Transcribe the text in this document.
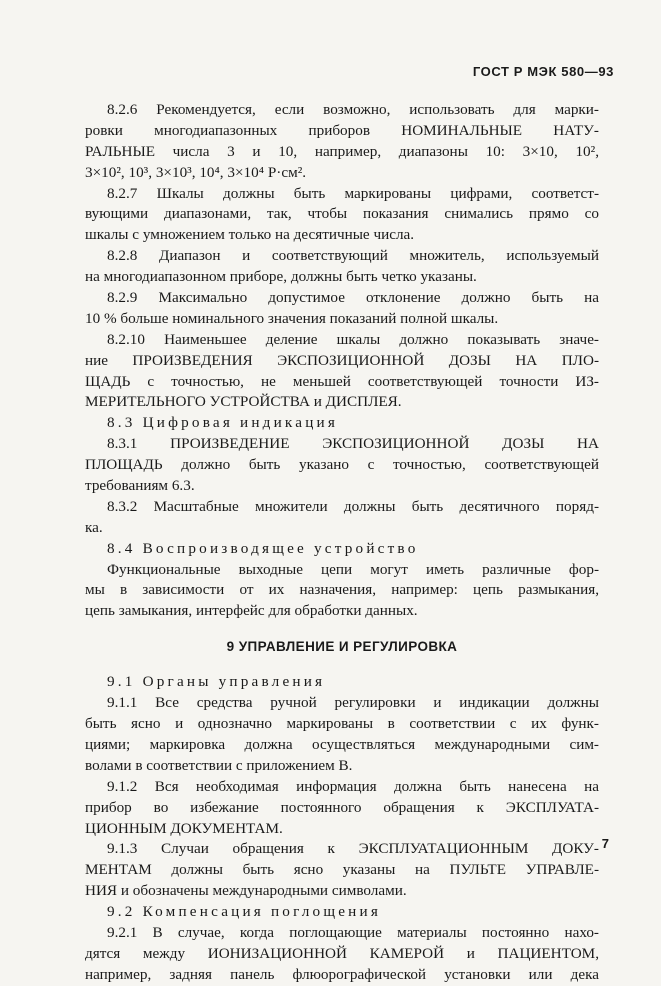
ГОСТ Р МЭК 580—93
8.2.6 Рекомендуется, если возможно, использовать для марки-
ровки многодиапазонных приборов НОМИНАЛЬНЫЕ НАТУ-
РАЛЬНЫЕ числа 3 и 10, например, диапазоны 10: 3×10, 10²,
3×10², 10³, 3×10³, 10⁴, 3×10⁴ Р·см².
8.2.7 Шкалы должны быть маркированы цифрами, соответст-
вующими диапазонами, так, чтобы показания снимались прямо со
шкалы с умножением только на десятичные числа.
8.2.8 Диапазон и соответствующий множитель, используемый
на многодиапазонном приборе, должны быть четко указаны.
8.2.9 Максимально допустимое отклонение должно быть на
10 % больше номинального значения показаний полной шкалы.
8.2.10 Наименьшее деление шкалы должно показывать значе-
ние ПРОИЗВЕДЕНИЯ ЭКСПОЗИЦИОННОЙ ДОЗЫ НА ПЛО-
ЩАДЬ с точностью, не меньшей соответствующей точности ИЗ-
МЕРИТЕЛЬНОГО УСТРОЙСТВА и ДИСПЛЕЯ.
8.3 Цифровая индикация
8.3.1 ПРОИЗВЕДЕНИЕ ЭКСПОЗИЦИОННОЙ ДОЗЫ НА
ПЛОЩАДЬ должно быть указано с точностью, соответствующей
требованиям 6.3.
8.3.2 Масштабные множители должны быть десятичного поряд-
ка.
8.4 Воспроизводящее устройство
Функциональные выходные цепи могут иметь различные фор-
мы в зависимости от их назначения, например: цепь размыкания,
цепь замыкания, интерфейс для обработки данных.
9 УПРАВЛЕНИЕ И РЕГУЛИРОВКА
9.1 Органы управления
9.1.1 Все средства ручной регулировки и индикации должны
быть ясно и однозначно маркированы в соответствии с их функ-
циями; маркировка должна осуществляться международными сим-
волами в соответствии с приложением В.
9.1.2 Вся необходимая информация должна быть нанесена на
прибор во избежание постоянного обращения к ЭКСПЛУАТА-
ЦИОННЫМ ДОКУМЕНТАМ.
9.1.3 Случаи обращения к ЭКСПЛУАТАЦИОННЫМ ДОКУ-
МЕНТАМ должны быть ясно указаны на ПУЛЬТЕ УПРАВЛЕ-
НИЯ и обозначены международными символами.
9.2 Компенсация поглощения
9.2.1 В случае, когда поглощающие материалы постоянно нахо-
дятся между ИОНИЗАЦИОННОЙ КАМЕРОЙ и ПАЦИЕНТОМ,
например, задняя панель флюорографической установки или дека
7
